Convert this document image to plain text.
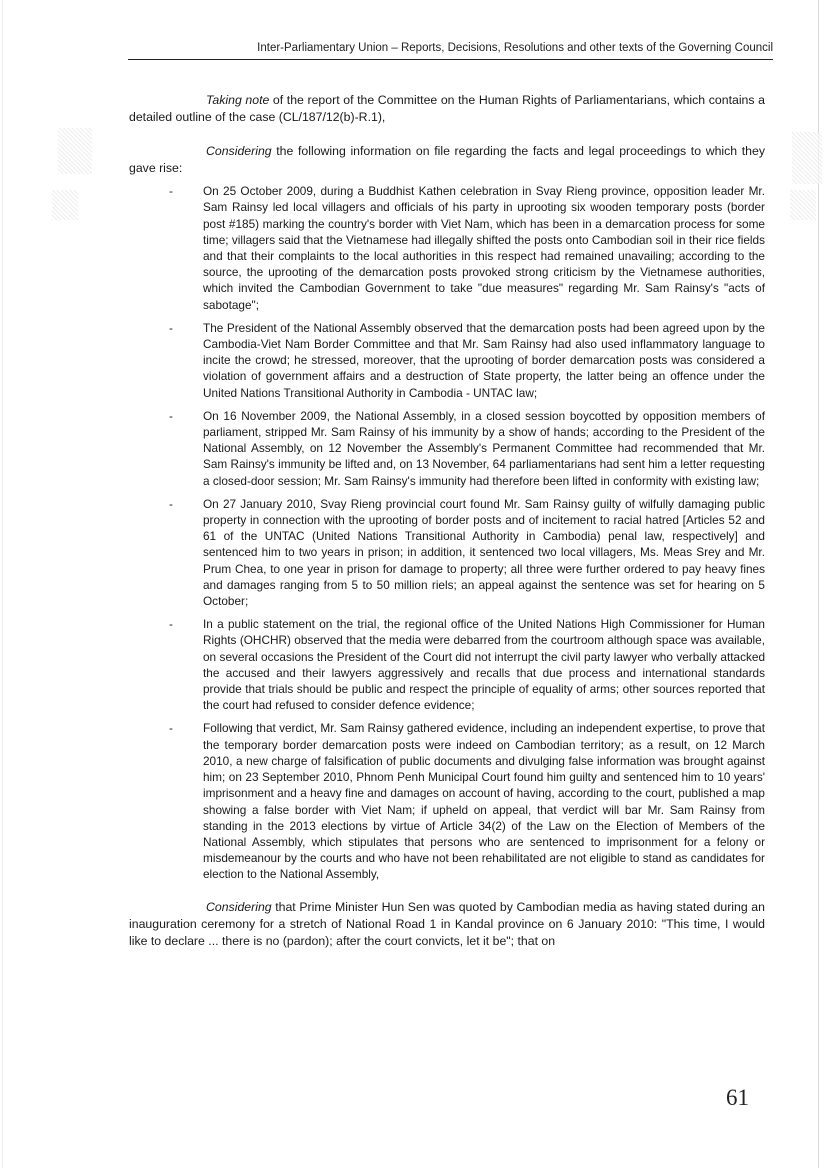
Inter-Parliamentary Union – Reports, Decisions, Resolutions and other texts of the Governing Council

Taking note of the report of the Committee on the Human Rights of Parliamentarians, which contains a detailed outline of the case (CL/187/12(b)-R.1),

Considering the following information on file regarding the facts and legal proceedings to which they gave rise:

-	On 25 October 2009, during a Buddhist Kathen celebration in Svay Rieng province, opposition leader Mr. Sam Rainsy led local villagers and officials of his party in uprooting six wooden temporary posts (border post #185) marking the country's border with Viet Nam, which has been in a demarcation process for some time; villagers said that the Vietnamese had illegally shifted the posts onto Cambodian soil in their rice fields and that their complaints to the local authorities in this respect had remained unavailing; according to the source, the uprooting of the demarcation posts provoked strong criticism by the Vietnamese authorities, which invited the Cambodian Government to take "due measures" regarding Mr. Sam Rainsy's "acts of sabotage";
-	The President of the National Assembly observed that the demarcation posts had been agreed upon by the Cambodia-Viet Nam Border Committee and that Mr. Sam Rainsy had also used inflammatory language to incite the crowd; he stressed, moreover, that the uprooting of border demarcation posts was considered a violation of government affairs and a destruction of State property, the latter being an offence under the United Nations Transitional Authority in Cambodia - UNTAC law;
-	On 16 November 2009, the National Assembly, in a closed session boycotted by opposition members of parliament, stripped Mr. Sam Rainsy of his immunity by a show of hands; according to the President of the National Assembly, on 12 November the Assembly's Permanent Committee had recommended that Mr. Sam Rainsy's immunity be lifted and, on 13 November, 64 parliamentarians had sent him a letter requesting a closed-door session; Mr. Sam Rainsy's immunity had therefore been lifted in conformity with existing law;
-	On 27 January 2010, Svay Rieng provincial court found Mr. Sam Rainsy guilty of wilfully damaging public property in connection with the uprooting of border posts and of incitement to racial hatred [Articles 52 and 61 of the UNTAC (United Nations Transitional Authority in Cambodia) penal law, respectively] and sentenced him to two years in prison; in addition, it sentenced two local villagers, Ms. Meas Srey and Mr. Prum Chea, to one year in prison for damage to property; all three were further ordered to pay heavy fines and damages ranging from 5 to 50 million riels; an appeal against the sentence was set for hearing on 5 October;
-	In a public statement on the trial, the regional office of the United Nations High Commissioner for Human Rights (OHCHR) observed that the media were debarred from the courtroom although space was available, on several occasions the President of the Court did not interrupt the civil party lawyer who verbally attacked the accused and their lawyers aggressively and recalls that due process and international standards provide that trials should be public and respect the principle of equality of arms; other sources reported that the court had refused to consider defence evidence;
-	Following that verdict, Mr. Sam Rainsy gathered evidence, including an independent expertise, to prove that the temporary border demarcation posts were indeed on Cambodian territory; as a result, on 12 March 2010, a new charge of falsification of public documents and divulging false information was brought against him; on 23 September 2010, Phnom Penh Municipal Court found him guilty and sentenced him to 10 years' imprisonment and a heavy fine and damages on account of having, according to the court, published a map showing a false border with Viet Nam; if upheld on appeal, that verdict will bar Mr. Sam Rainsy from standing in the 2013 elections by virtue of Article 34(2) of the Law on the Election of Members of the National Assembly, which stipulates that persons who are sentenced to imprisonment for a felony or misdemeanour by the courts and who have not been rehabilitated are not eligible to stand as candidates for election to the National Assembly,

Considering that Prime Minister Hun Sen was quoted by Cambodian media as having stated during an inauguration ceremony for a stretch of National Road 1 in Kandal province on 6 January 2010: "This time, I would like to declare ... there is no (pardon); after the court convicts, let it be"; that on

61
